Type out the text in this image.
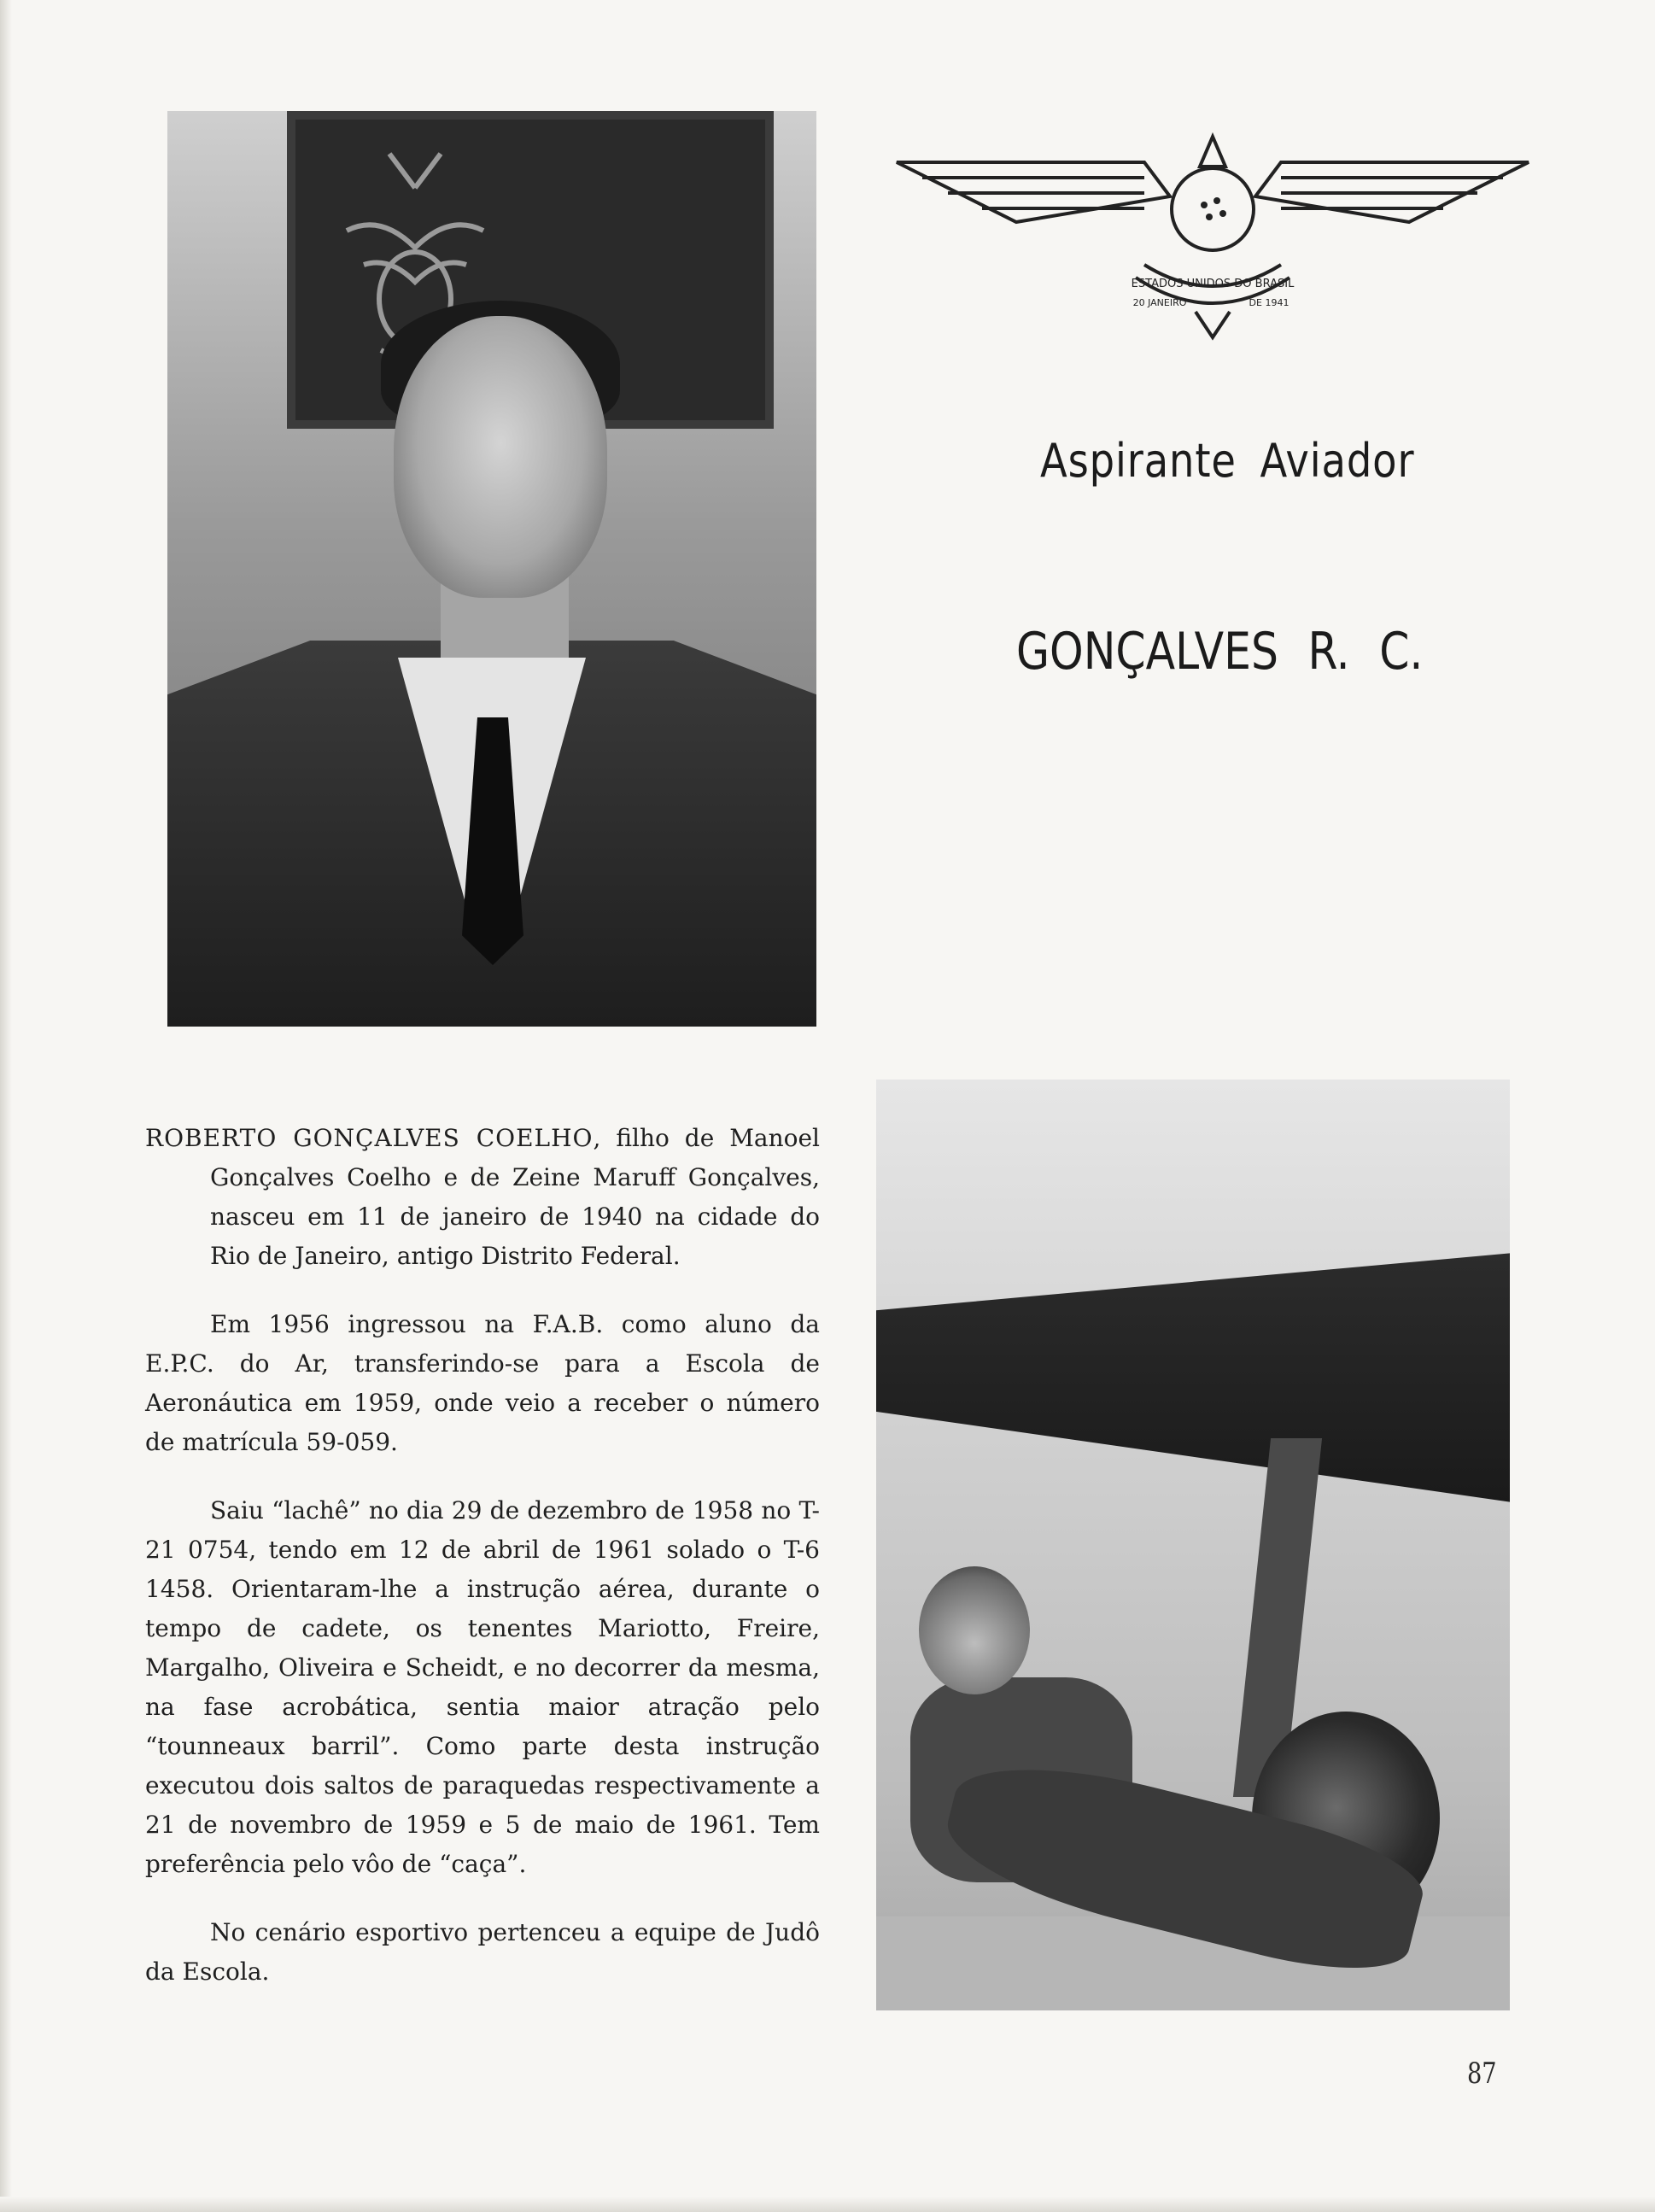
ESTADOS UNIDOS DO BRASIL
20 JANEIRO	DE 1941
Aspirante Aviador
GONÇALVES R. C.

ROBERTO GONÇALVES COELHO, filho de Manoel Gonçalves Coelho e de Zeine Maruff Gonçalves, nasceu em 11 de janeiro de 1940 na cidade do Rio de Janeiro, antigo Distrito Federal.

Em 1956 ingressou na F.A.B. como aluno da E.P.C. do Ar, transferindo-se para a Escola de Aeronáutica em 1959, onde veio a receber o número de matrícula 59-059.

Saiu “lachê” no dia 29 de dezembro de 1958 no T-21 0754, tendo em 12 de abril de 1961 solado o T-6 1458. Orientaram-lhe a instrução aérea, durante o tempo de cadete, os tenentes Mariotto, Freire, Margalho, Oliveira e Scheidt, e no decorrer da mesma, na fase acrobática, sentia maior atração pelo “tounneaux barril”. Como parte desta instrução executou dois saltos de paraquedas respectivamente a 21 de novembro de 1959 e 5 de maio de 1961. Tem preferência pelo vôo de “caça”.

No cenário esportivo pertenceu a equipe de Judô da Escola.

87
